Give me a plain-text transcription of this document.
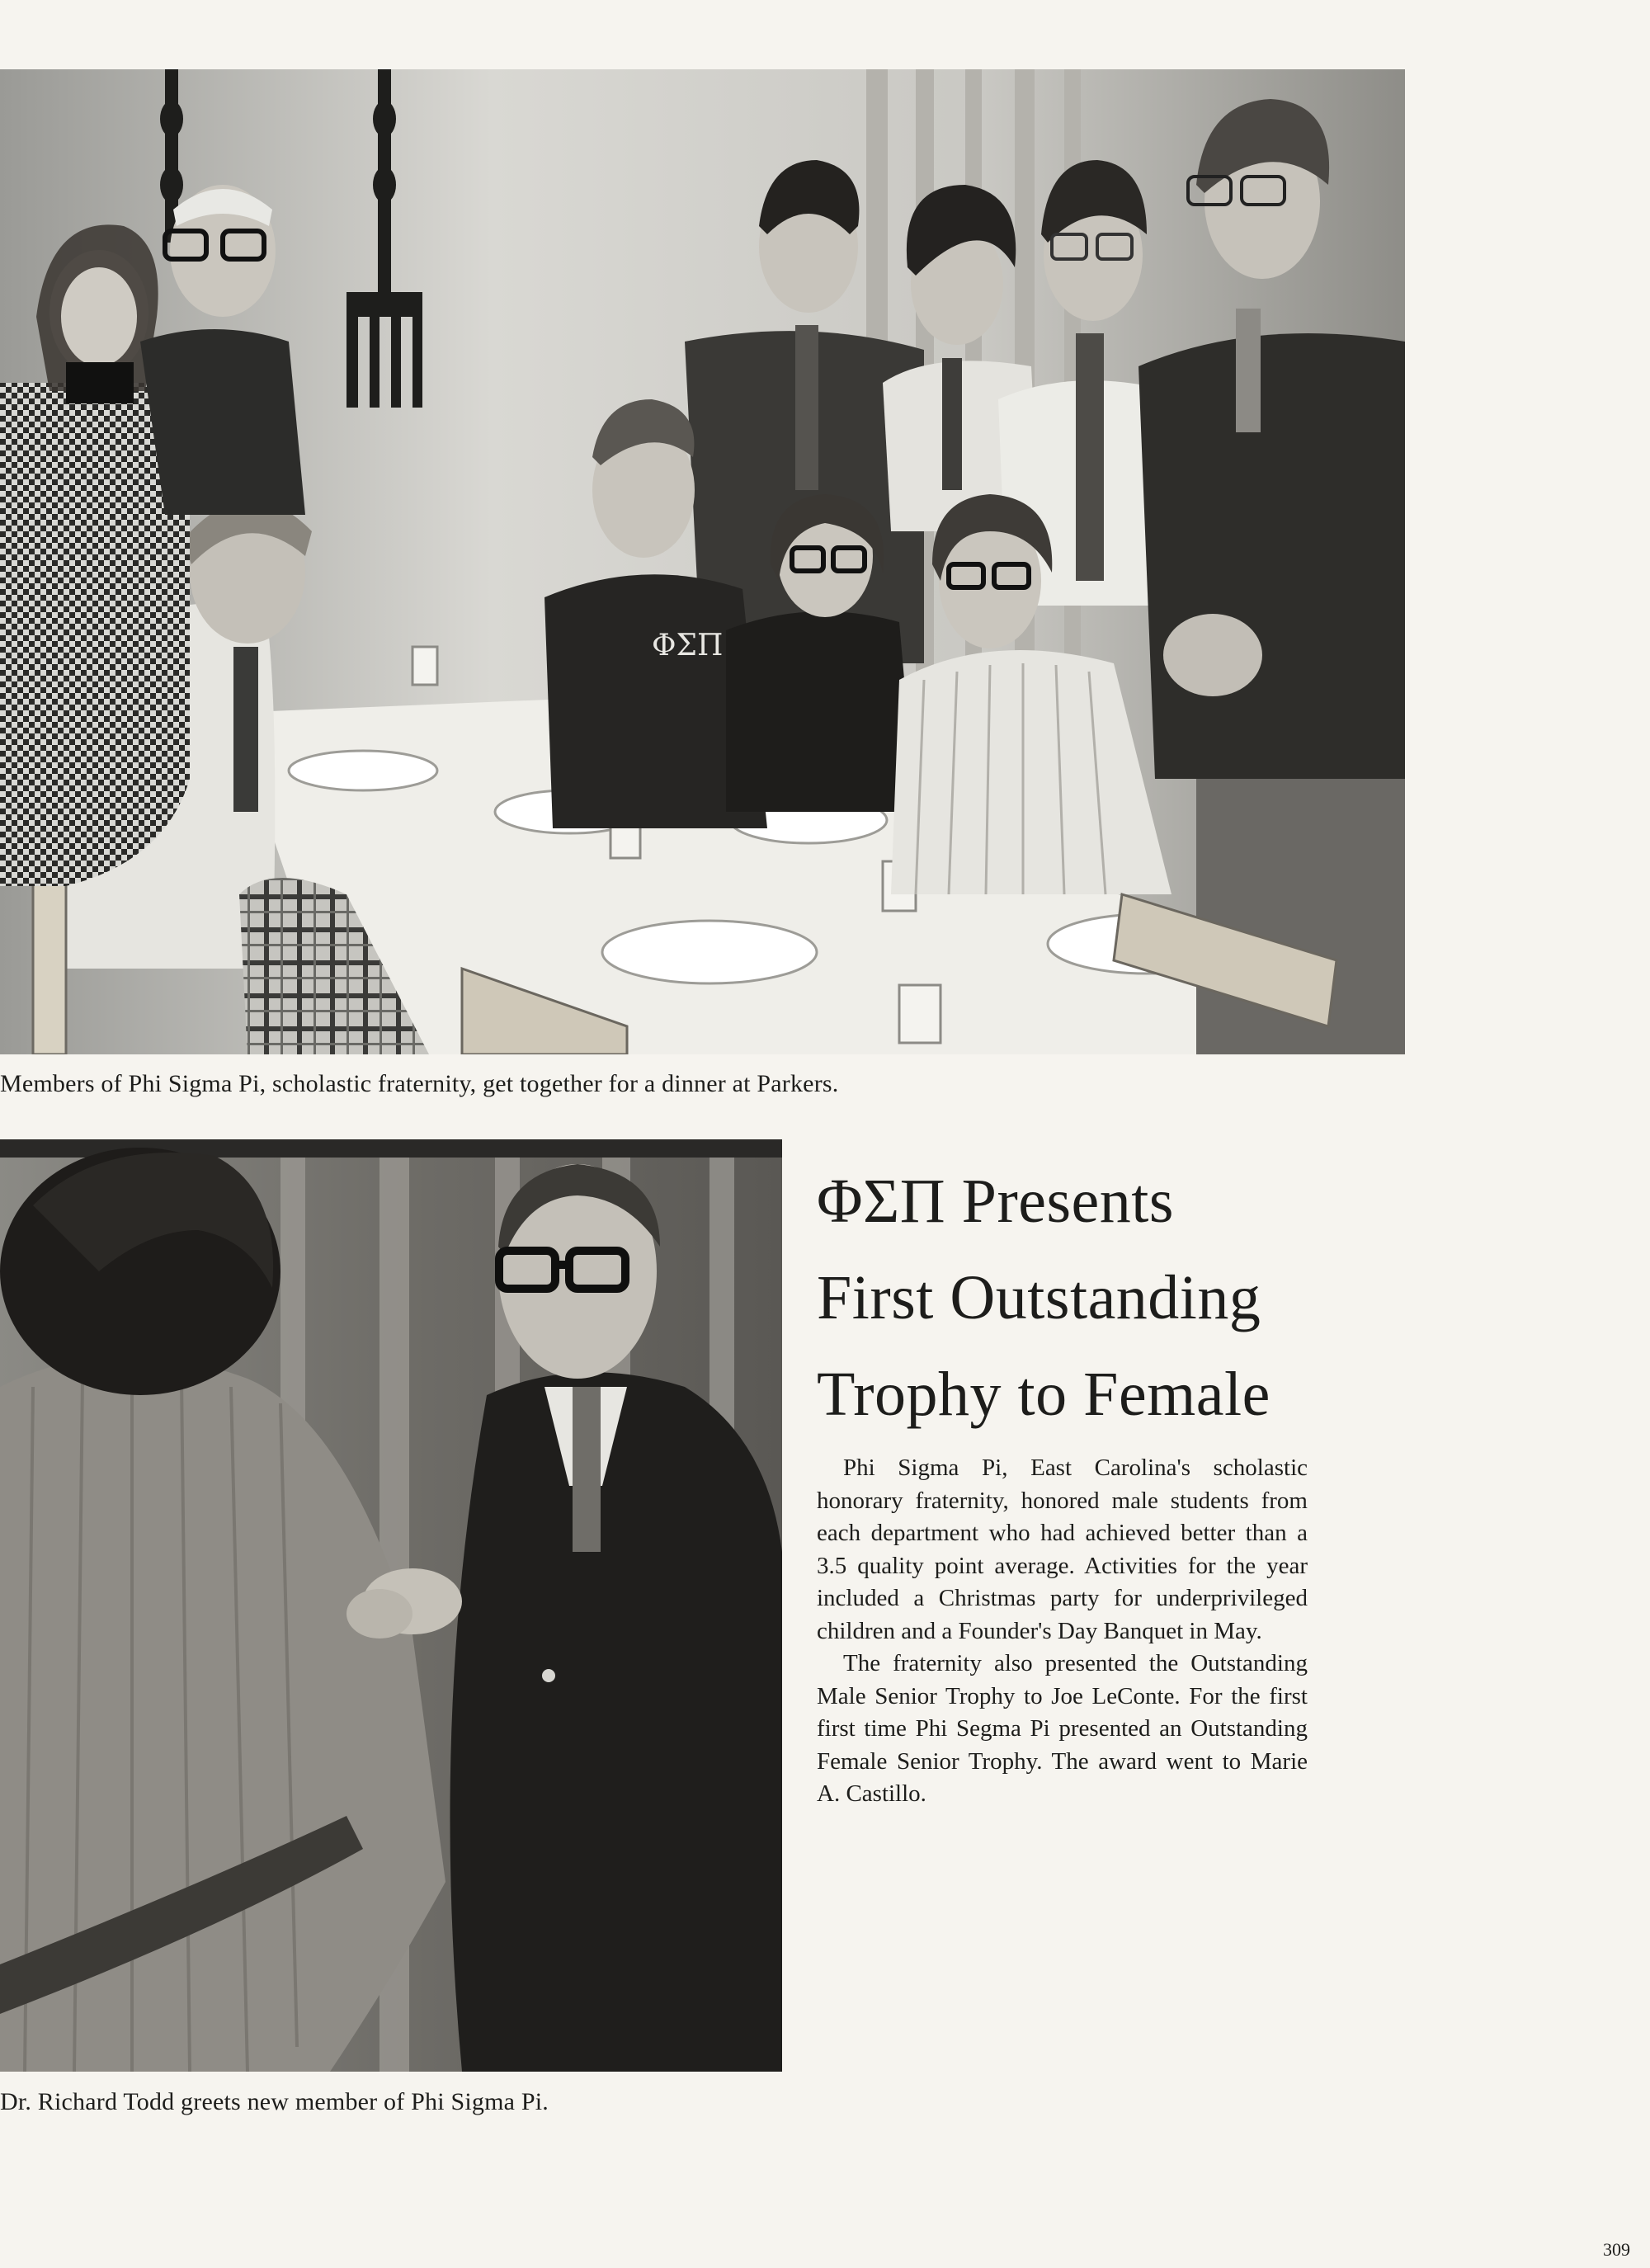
ΦΣΠ
Members of Phi Sigma Pi, scholastic fraternity, get together for a dinner at Parkers.
Dr. Richard Todd greets new member of Phi Sigma Pi.
ΦΣΠ Presents
First Outstanding
Trophy to Female

Phi Sigma Pi, East Carolina's scholastic honorary fraternity, honored male students from each department who had achieved better than a 3.5 quality point average. Activities for the year included a Christmas party for underprivileged children and a Founder's Day Banquet in May.

The fraternity also presented the Outstanding Male Senior Trophy to Joe LeConte. For the first first time Phi Segma Pi presented an Outstanding Female Senior Trophy. The award went to Marie A. Castillo.

309
